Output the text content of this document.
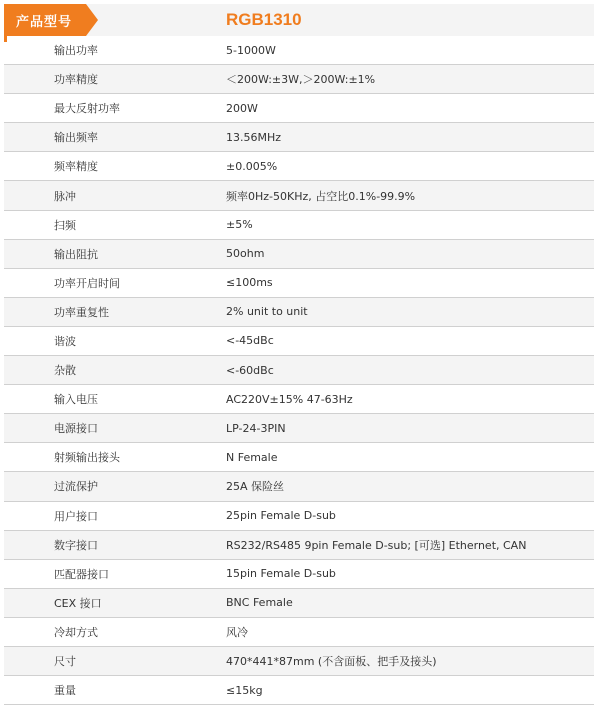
产品型号	RGB1310
输出功率	5-1000W
功率精度	＜200W:±3W,＞200W:±1%
最大反射功率	200W
输出频率	13.56MHz
频率精度	±0.005%
脉冲	频率0Hz-50KHz, 占空比0.1%-99.9%
扫频	±5%
输出阻抗	50ohm
功率开启时间	≤100ms
功率重复性	2% unit to unit
谐波	<-45dBc
杂散	<-60dBc
输入电压	AC220V±15% 47-63Hz
电源接口	LP-24-3PIN
射频输出接头	N Female
过流保护	25A 保险丝
用户接口	25pin Female D-sub
数字接口	RS232/RS485 9pin Female D-sub; [可选] Ethernet, CAN
匹配器接口	15pin Female D-sub
CEX 接口	BNC Female
冷却方式	风冷
尺寸	470*441*87mm (不含面板、把手及接头)
重量	≤15kg
